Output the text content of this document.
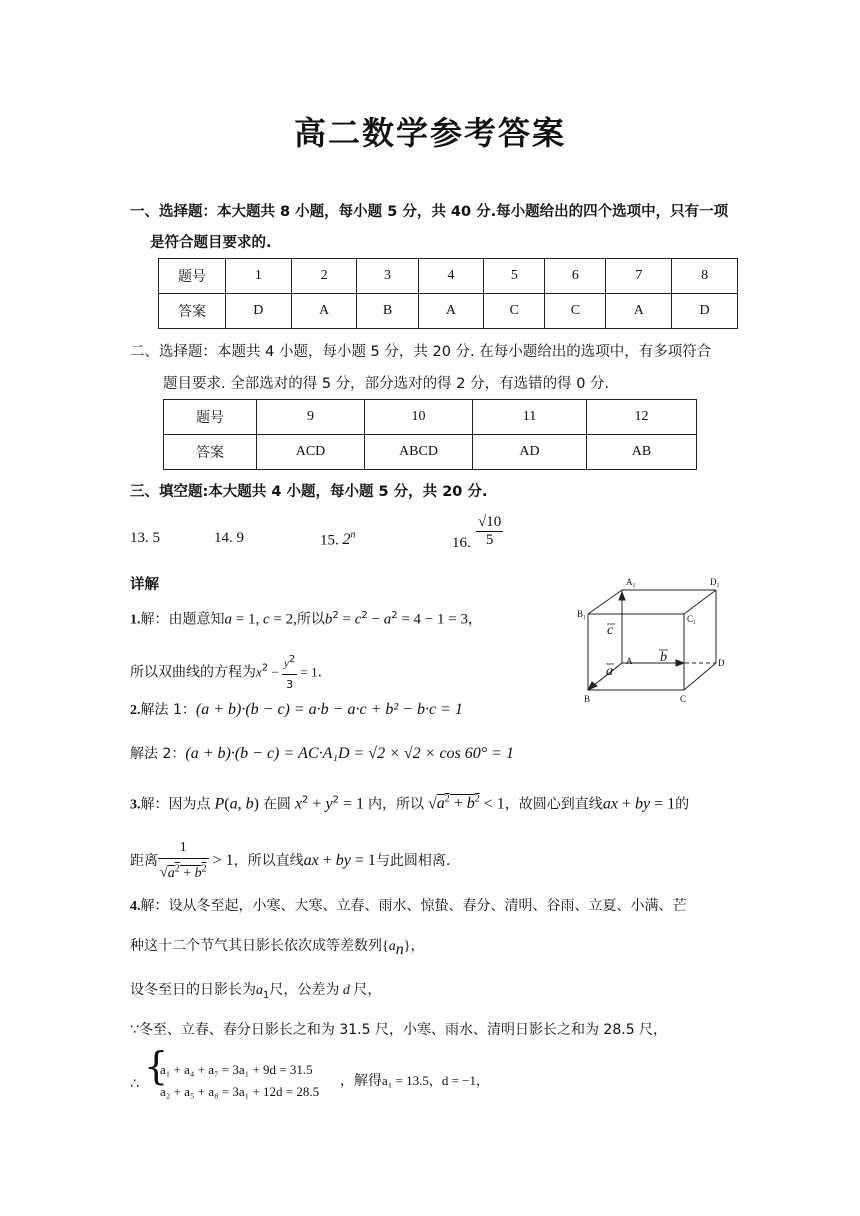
高二数学参考答案
一、选择题：本大题共 8 小题，每小题 5 分，共 40 分.每小题给出的四个选项中，只有一项
是符合题目要求的.
题号	1	2	3	4	5	6	7	8
答案	D	A	B	A	C	C	A	D
二、选择题：本题共 4 小题，每小题 5 分，共 20 分. 在每小题给出的选项中，有多项符合
题目要求. 全部选对的得 5 分，部分选对的得 2 分，有选错的得 0 分.
题号	9	10	11	12
答案	ACD	ABCD	AD	AB
三、填空题:本大题共 4 小题，每小题 5 分，共 20 分.
13. 5	14. 9	15. 2$^n$	16. $\frac{√10}{5}$
详解
1.解：由题意知a = 1, c = 2,所以$b^2 = c^2 - a^2 = 4 - 1 = 3$，
所以双曲线的方程为$x^2 - \frac{y^2}{3} = 1$.
A₁	D₁
B₁	C₁
A	D
B	C
c
a
b
2.解法 1：(a + b)·(b − c) = a·b − a·c + b² − b·c = 1
解法 2：(a + b)·(b − c) = AC·A₁D = √2 × √2 × cos 60° = 1
3.解：因为点 P(a, b) 在圆 $x^2 + y^2 = 1$ 内，所以 $√a^2 + b^2 < 1$，故圆心到直线ax + by = 1的
距离 $\frac{1}{√a^2 + b^2} > 1$，所以直线ax + by = 1与此圆相离.
4.解：设从冬至起，小寒、大寒、立春、雨水、惊蛰、春分、清明、谷雨、立夏、小满、芒
种这十二个节气其日影长依次成等差数列$\{a_n\}$，
设冬至日的日影长为$a_1$尺，公差为 d 尺，
∵冬至、立春、春分日影长之和为 31.5 尺，小寒、雨水、清明日影长之和为 28.5 尺，
∴ {
a₁ + a₄ + a₇ = 3a₁ + 9d = 31.5
a₂ + a₅ + a₈ = 3a₁ + 12d = 28.5
，解得 a₁ = 13.5，d = −1，
